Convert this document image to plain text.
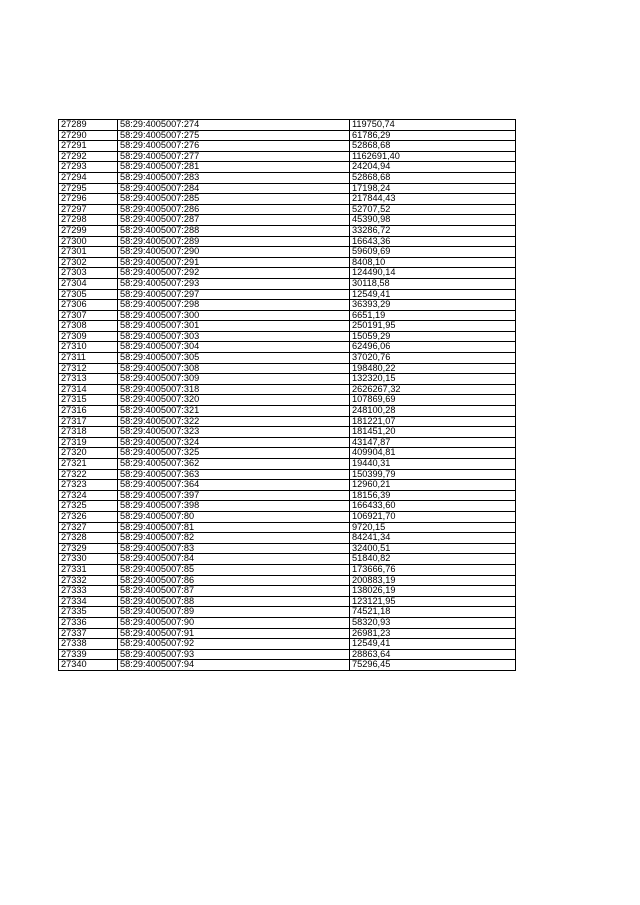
27289	58:29:4005007:274	119750,74
27290	58:29:4005007:275	61786,29
27291	58:29:4005007:276	52868,68
27292	58:29:4005007:277	1162691,40
27293	58:29:4005007:281	24204,94
27294	58:29:4005007:283	52868,68
27295	58:29:4005007:284	17198,24
27296	58:29:4005007:285	217844,43
27297	58:29:4005007:286	52707,52
27298	58:29:4005007:287	45390,98
27299	58:29:4005007:288	33286,72
27300	58:29:4005007:289	16643,36
27301	58:29:4005007:290	59609,69
27302	58:29:4005007:291	8408,10
27303	58:29:4005007:292	124490,14
27304	58:29:4005007:293	30118,58
27305	58:29:4005007:297	12549,41
27306	58:29:4005007:298	36393,29
27307	58:29:4005007:300	6651,19
27308	58:29:4005007:301	250191,95
27309	58:29:4005007:303	15059,29
27310	58:29:4005007:304	62496,06
27311	58:29:4005007:305	37020,76
27312	58:29:4005007:308	198480,22
27313	58:29:4005007:309	132320,15
27314	58:29:4005007:318	2626267,32
27315	58:29:4005007:320	107869,69
27316	58:29:4005007:321	248100,28
27317	58:29:4005007:322	181221,07
27318	58:29:4005007:323	181451,20
27319	58:29:4005007:324	43147,87
27320	58:29:4005007:325	409904,81
27321	58:29:4005007:362	19440,31
27322	58:29:4005007:363	150399,79
27323	58:29:4005007:364	12960,21
27324	58:29:4005007:397	18156,39
27325	58:29:4005007:398	166433,60
27326	58:29:4005007:80	106921,70
27327	58:29:4005007:81	9720,15
27328	58:29:4005007:82	84241,34
27329	58:29:4005007:83	32400,51
27330	58:29:4005007:84	51840,82
27331	58:29:4005007:85	173666,76
27332	58:29:4005007:86	200883,19
27333	58:29:4005007:87	138026,19
27334	58:29:4005007:88	123121,95
27335	58:29:4005007:89	74521,18
27336	58:29:4005007:90	58320,93
27337	58:29:4005007:91	26981,23
27338	58:29:4005007:92	12549,41
27339	58:29:4005007:93	28863,64
27340	58:29:4005007:94	75296,45
